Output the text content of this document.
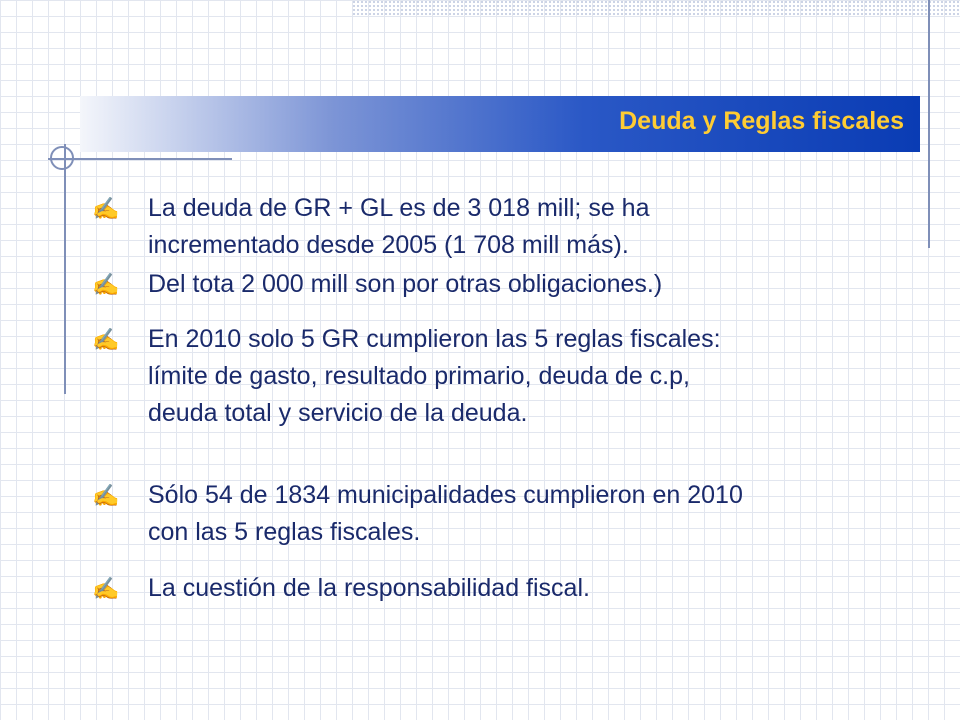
Deuda y Reglas fiscales
✍	La deuda de GR + GL es de 3 018 mill; se ha
incrementado desde 2005 (1 708 mill más).
✍	Del tota 2 000 mill son por otras obligaciones.)
✍	En 2010 solo 5 GR cumplieron las 5 reglas fiscales:
límite de gasto, resultado primario, deuda de c.p,
deuda total y servicio de la deuda.
✍	Sólo 54 de 1834 municipalidades cumplieron en 2010
con las 5 reglas fiscales.
✍	La cuestión de la responsabilidad fiscal.
